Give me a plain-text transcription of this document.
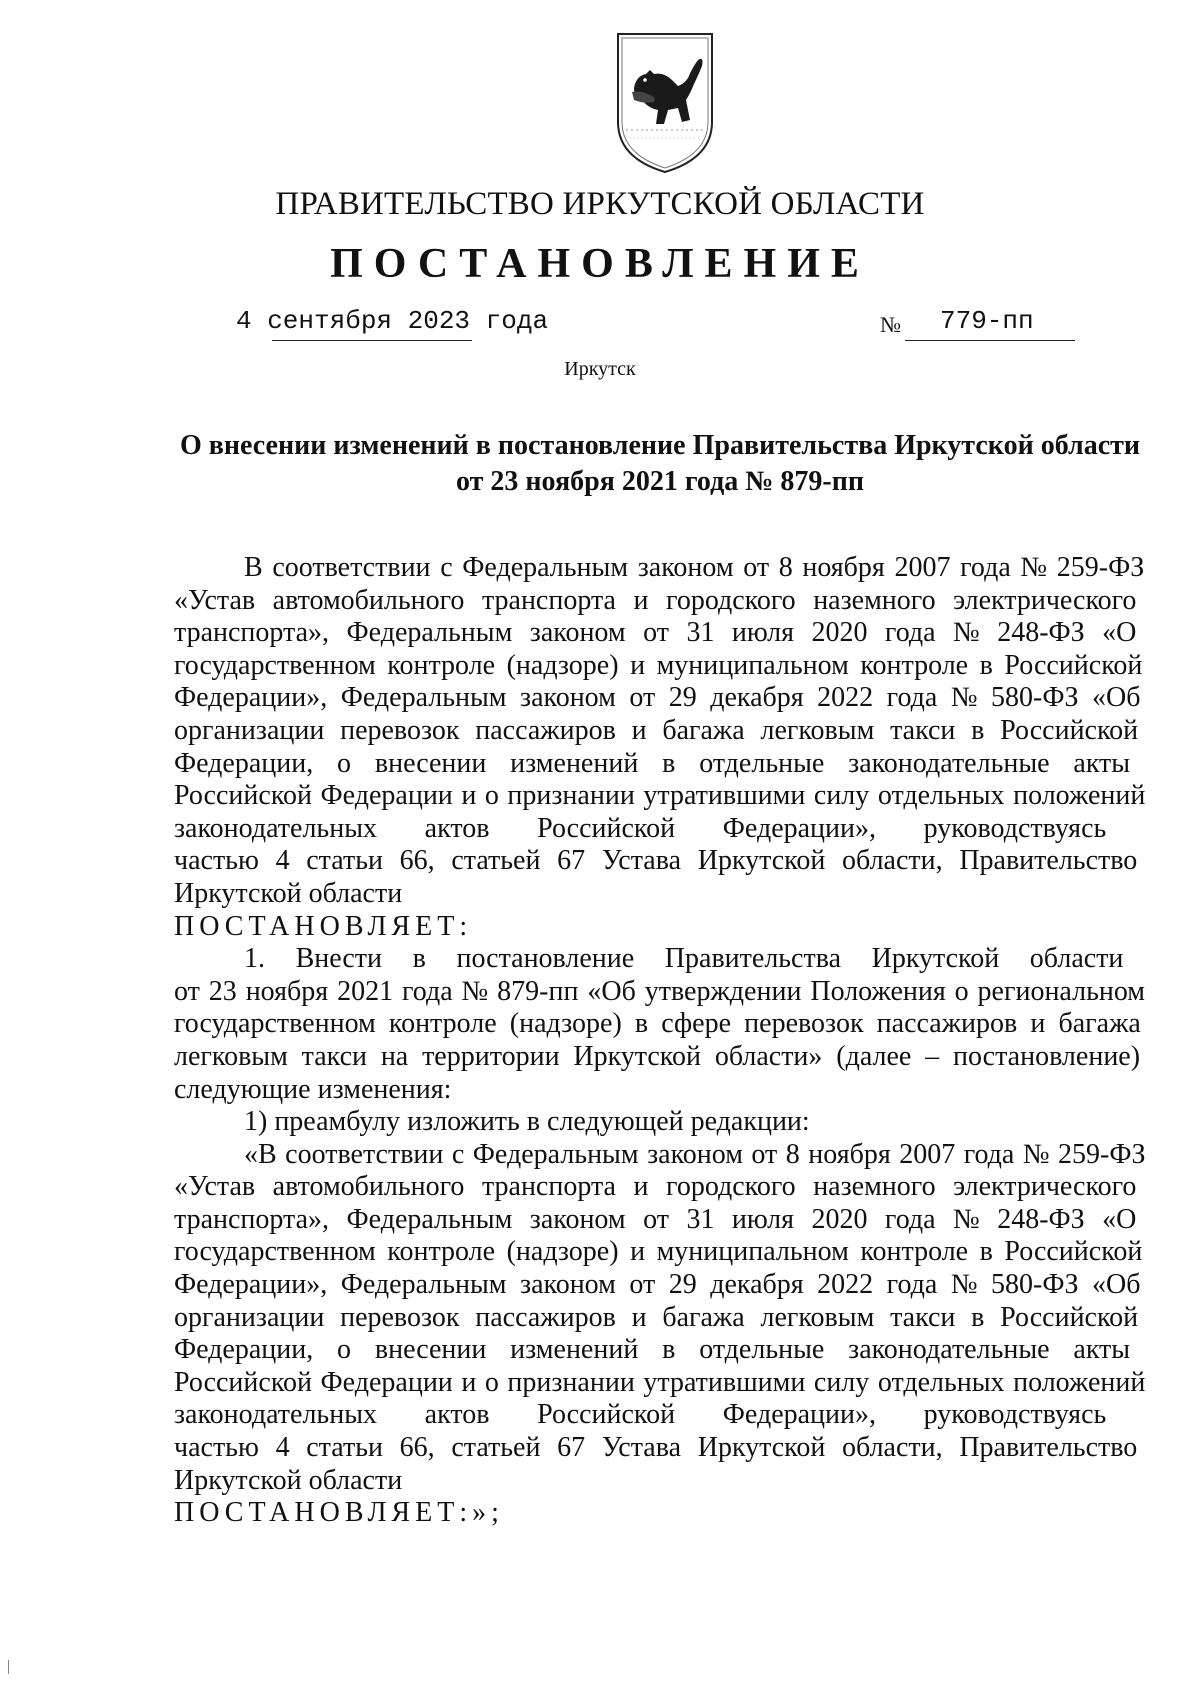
ПРАВИТЕЛЬСТВО ИРКУТСКОЙ ОБЛАСТИ
ПОСТАНОВЛЕНИЕ
4 сентября 2023 года	№ 779-пп
Иркутск
О внесении изменений в постановление Правительства Иркутской области
от 23 ноября 2021 года № 879-пп
В соответствии с Федеральным законом от 8 ноября 2007 года № 259-ФЗ
«Устав автомобильного транспорта и городского наземного электрического
транспорта», Федеральным законом от 31 июля 2020 года № 248-ФЗ «О
государственном контроле (надзоре) и муниципальном контроле в Российской
Федерации», Федеральным законом от 29 декабря 2022 года № 580-ФЗ «Об
организации перевозок пассажиров и багажа легковым такси в Российской
Федерации, о внесении изменений в отдельные законодательные акты
Российской Федерации и о признании утратившими силу отдельных положений
законодательных актов Российской Федерации», руководствуясь
частью 4 статьи 66, статьей 67 Устава Иркутской области, Правительство
Иркутской области
ПОСТАНОВЛЯЕТ:
1. Внести в постановление Правительства Иркутской области
от 23 ноября 2021 года № 879-пп «Об утверждении Положения о региональном
государственном контроле (надзоре) в сфере перевозок пассажиров и багажа
легковым такси на территории Иркутской области» (далее – постановление)
следующие изменения:
1) преамбулу изложить в следующей редакции:
«В соответствии с Федеральным законом от 8 ноября 2007 года № 259-ФЗ
«Устав автомобильного транспорта и городского наземного электрического
транспорта», Федеральным законом от 31 июля 2020 года № 248-ФЗ «О
государственном контроле (надзоре) и муниципальном контроле в Российской
Федерации», Федеральным законом от 29 декабря 2022 года № 580-ФЗ «Об
организации перевозок пассажиров и багажа легковым такси в Российской
Федерации, о внесении изменений в отдельные законодательные акты
Российской Федерации и о признании утратившими силу отдельных положений
законодательных актов Российской Федерации», руководствуясь
частью 4 статьи 66, статьей 67 Устава Иркутской области, Правительство
Иркутской области
ПОСТАНОВЛЯЕТ:»;
